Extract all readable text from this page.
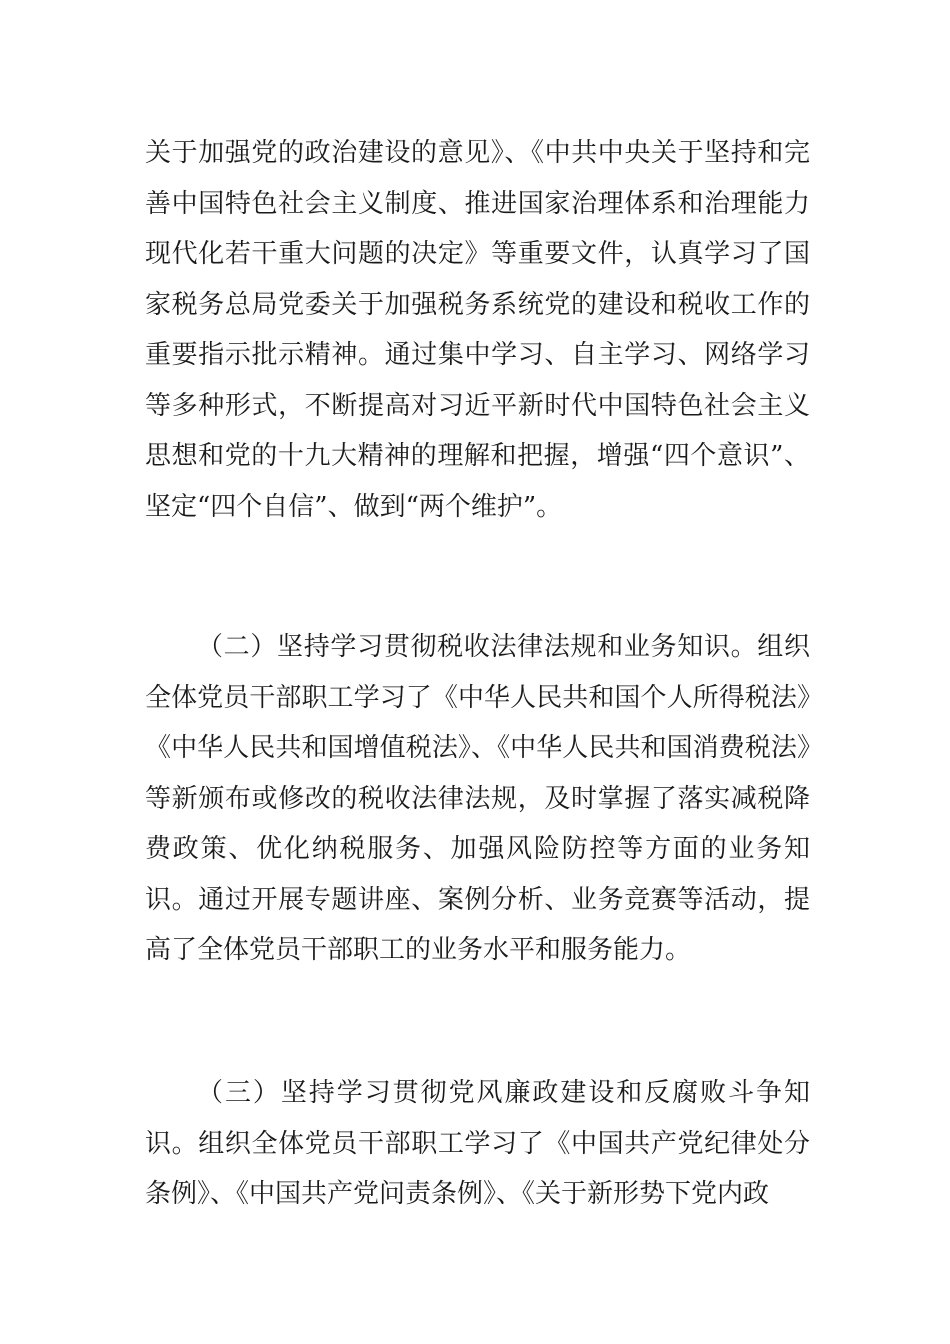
关于加强党的政治建设的意见》、《中共中央关于坚持和完善中国特色社会主义制度、推进国家治理体系和治理能力现代化若干重大问题的决定》等重要文件，认真学习了国家税务总局党委关于加强税务系统党的建设和税收工作的重要指示批示精神。通过集中学习、自主学习、网络学习等多种形式，不断提高对习近平新时代中国特色社会主义思想和党的十九大精神的理解和把握，增强“四个意识”、坚定“四个自信”、做到“两个维护”。

（二）坚持学习贯彻税收法律法规和业务知识。组织全体党员干部职工学习了《中华人民共和国个人所得税法》《中华人民共和国增值税法》、《中华人民共和国消费税法》等新颁布或修改的税收法律法规，及时掌握了落实减税降费政策、优化纳税服务、加强风险防控等方面的业务知识。通过开展专题讲座、案例分析、业务竞赛等活动，提高了全体党员干部职工的业务水平和服务能力。

（三）坚持学习贯彻党风廉政建设和反腐败斗争知识。组织全体党员干部职工学习了《中国共产党纪律处分条例》、《中国共产党问责条例》、《关于新形势下党内政
